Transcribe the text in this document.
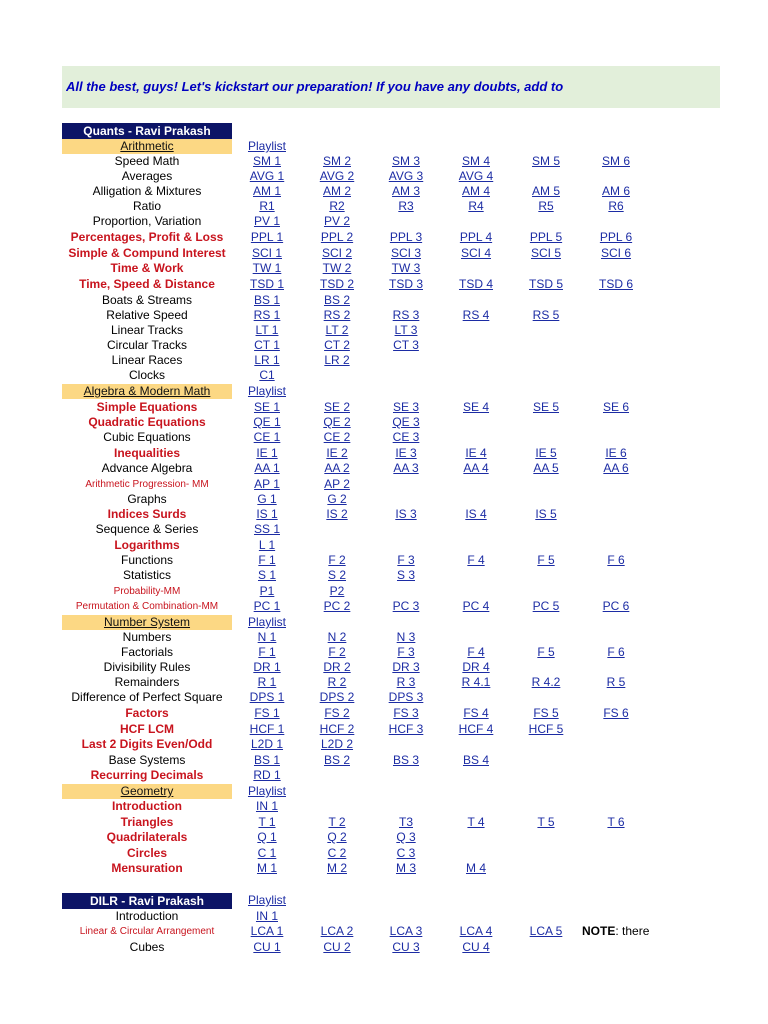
All the best, guys! Let's kickstart our preparation! If you have any doubts, add to
Quants - Ravi Prakash
Arithmetic	Playlist
Speed Math	SM 1	SM 2	SM 3	SM 4	SM 5	SM 6
Averages	AVG 1	AVG 2	AVG 3	AVG 4
Alligation & Mixtures	AM 1	AM 2	AM 3	AM 4	AM 5	AM 6
Ratio	R1	R2	R3	R4	R5	R6
Proportion, Variation	PV 1	PV 2
Percentages, Profit & Loss	PPL 1	PPL 2	PPL 3	PPL 4	PPL 5	PPL 6
Simple & Compund Interest	SCI 1	SCI 2	SCI 3	SCI 4	SCI 5	SCI 6
Time & Work	TW 1	TW 2	TW 3
Time, Speed & Distance	TSD 1	TSD 2	TSD 3	TSD 4	TSD 5	TSD 6
Boats & Streams	BS 1	BS 2
Relative Speed	RS 1	RS 2	RS 3	RS 4	RS 5
Linear Tracks	LT 1	LT 2	LT 3
Circular Tracks	CT 1	CT 2	CT 3
Linear Races	LR 1	LR 2
Clocks	C1
Algebra & Modern Math	Playlist
Simple Equations	SE 1	SE 2	SE 3	SE 4	SE 5	SE 6
Quadratic Equations	QE 1	QE 2	QE 3
Cubic Equations	CE 1	CE 2	CE 3
Inequalities	IE 1	IE 2	IE 3	IE 4	IE 5	IE 6
Advance Algebra	AA 1	AA 2	AA 3	AA 4	AA 5	AA 6
Arithmetic Progression- MM	AP 1	AP 2
Graphs	G 1	G 2
Indices Surds	IS 1	IS 2	IS 3	IS 4	IS 5
Sequence & Series	SS 1
Logarithms	L 1
Functions	F 1	F 2	F 3	F 4	F 5	F 6
Statistics	S 1	S 2	S 3
Probability-MM	P1	P2
Permutation & Combination-MM	PC 1	PC 2	PC 3	PC 4	PC 5	PC 6
Number System	Playlist
Numbers	N 1	N 2	N 3
Factorials	F 1	F 2	F 3	F 4	F 5	F 6
Divisibility Rules	DR 1	DR 2	DR 3	DR 4
Remainders	R 1	R 2	R 3	R 4.1	R 4.2	R 5
Difference of Perfect Square	DPS 1	DPS 2	DPS 3
Factors	FS 1	FS 2	FS 3	FS 4	FS 5	FS 6
HCF LCM	HCF 1	HCF 2	HCF 3	HCF 4	HCF 5
Last 2 Digits Even/Odd	L2D 1	L2D 2
Base Systems	BS 1	BS 2	BS 3	BS 4
Recurring Decimals	RD 1
Geometry	Playlist
Introduction	IN 1
Triangles	T 1	T 2	T3	T 4	T 5	T 6
Quadrilaterals	Q 1	Q 2	Q 3
Circles	C 1	C 2	C 3
Mensuration	M 1	M 2	M 3	M 4
DILR - Ravi Prakash	Playlist
Introduction	IN 1
Linear & Circular Arrangement	LCA 1	LCA 2	LCA 3	LCA 4	LCA 5
Cubes	CU 1	CU 2	CU 3	CU 4
NOTE: there
